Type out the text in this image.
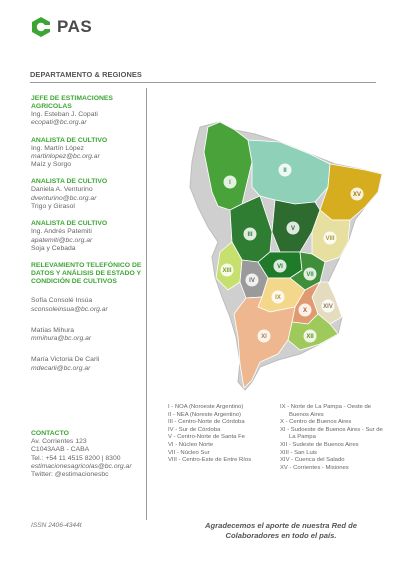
PAS
DEPARTAMENTO & REGIONES
JEFE DE ESTIMACIONES AGRICOLAS
Ing. Esteban J. Copati
ecopati@bc.org.ar
ANALISTA DE CULTIVO
Ing. Martín López
martinlopez@bc.org.ar
Maíz y Sorgo
ANALISTA DE CULTIVO
Daniela A. Venturino
dventurino@bc.org.ar
Trigo y Girasol
ANALISTA DE CULTIVO
Ing. Andrés Patemiti
apatemiti@bc.org.ar
Soja y Cebada
RELEVAMIENTO TELEFÓNICO DE DATOS Y ANÁLISIS DE ESTADO Y CONDICIÓN DE CULTIVOS
Sofía Consolé Insúa
sconsoleinsua@bc.org.ar
Matías Mihura
mmihura@bc.org.ar
María Victoria De Carli
mdecarli@bc.org.ar
CONTACTO
Av. Corrientes 123
C1043AAB - CABA
Tel.: +54 11 4515 8200 | 8300
estimacionesagricolas@bc.org.ar
Twitter: @estimacionesbc
ISSN 2406-4344t
I
II
III
IV
V
VI
VII
VIII
IX
X
XI	XII
XIII
XIV
XV
I - NOA (Noroeste Argentino)
II - NEA (Noreste Argentino)
III - Centro-Norte de Córdoba
IV - Sur de Córdoba
V - Centro-Norte de Santa Fe
VI - Núcleo Norte
VII - Núcleo Sur
VIII - Centro-Este de Entre Ríos
IX - Norte de La Pampa - Oeste de
Buenos Aires
X - Centro de Buenos Aires
XI - Sudoeste de Buenos Aires - Sur de
La Pampa
XII - Sudeste de Buenos Aires
XIII - San Luis
XIV - Cuenca del Salado
XV - Corrientes - Misiones
Agradecemos el aporte de nuestra Red de
Colaboradores en todo el país.
